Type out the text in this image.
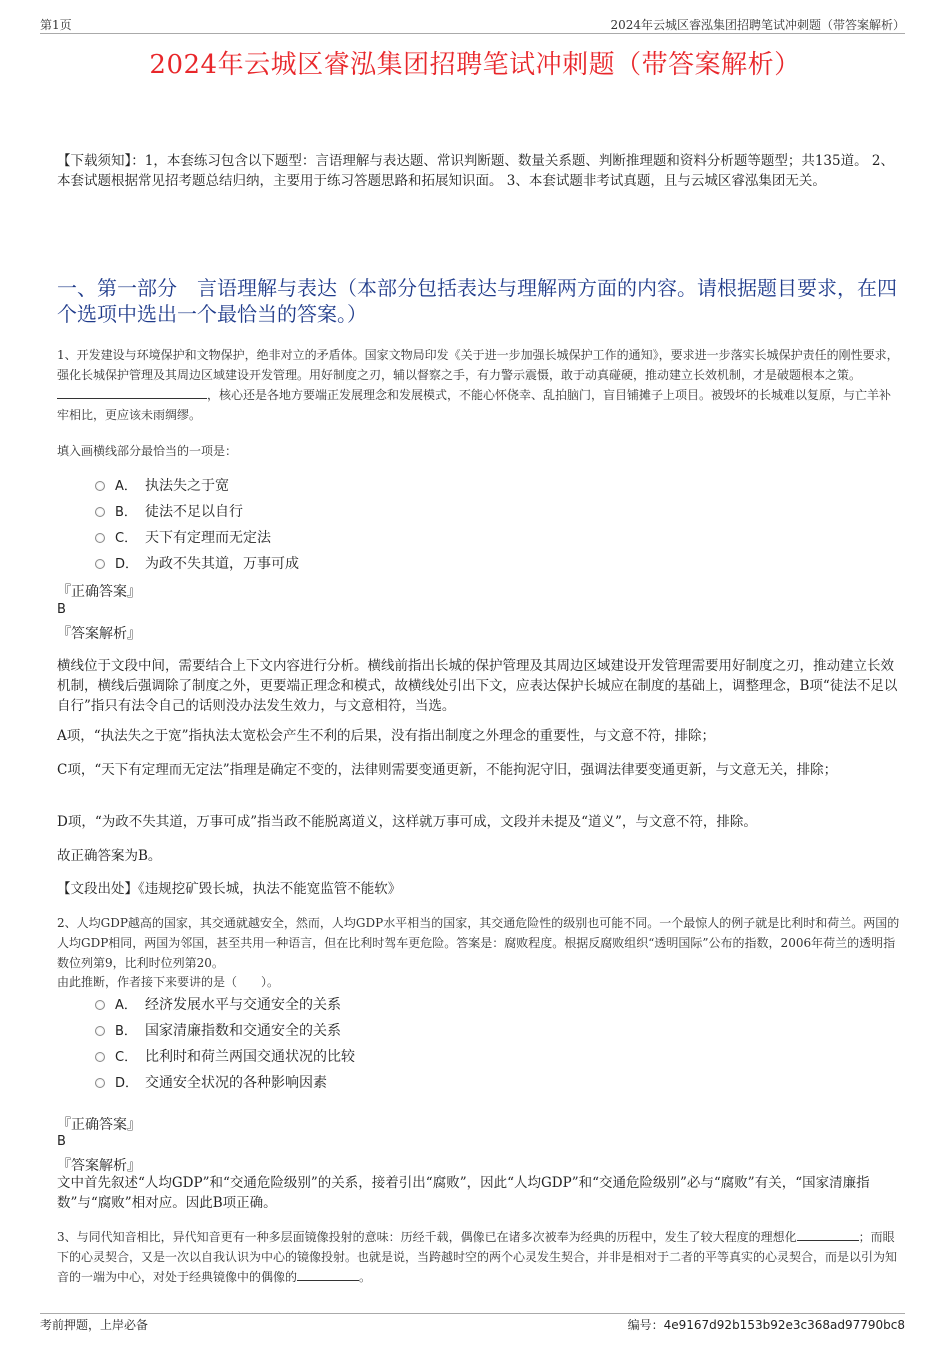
第1页	2024年云城区睿泓集团招聘笔试冲刺题（带答案解析）
2024年云城区睿泓集团招聘笔试冲刺题（带答案解析）
【下载须知】：1，本套练习包含以下题型：言语理解与表达题、常识判断题、数量关系题、判断推理题和资料分析题等题型；共135道。 2、本套试题根据常见招考题总结归纳，主要用于练习答题思路和拓展知识面。 3、本套试题非考试真题，且与云城区睿泓集团无关。
一、第一部分　言语理解与表达（本部分包括表达与理解两方面的内容。请根据题目要求，在四个选项中选出一个最恰当的答案。）
1、开发建设与环境保护和文物保护，绝非对立的矛盾体。国家文物局印发《关于进一步加强长城保护工作的通知》，要求进一步落实长城保护责任的刚性要求，强化长城保护管理及其周边区域建设开发管理。用好制度之刃，辅以督察之手，有力警示震慑，敢于动真碰硬，推动建立长效机制，才是破题根本之策。，核心还是各地方要端正发展理念和发展模式，不能心怀侥幸、乱拍脑门，盲目铺摊子上项目。被毁坏的长城难以复原，与亡羊补牢相比，更应该未雨绸缪。
填入画横线部分最恰当的一项是：
A． 执法失之于宽
B． 徒法不足以自行
C． 天下有定理而无定法
D． 为政不失其道，万事可成
『正确答案』
B
『答案解析』
横线位于文段中间，需要结合上下文内容进行分析。横线前指出长城的保护管理及其周边区域建设开发管理需要用好制度之刃，推动建立长效机制，横线后强调除了制度之外，更要端正理念和模式，故横线处引出下文，应表达保护长城应在制度的基础上，调整理念，B项“徒法不足以自行”指只有法令自己的话则没办法发生效力，与文意相符，当选。
A项，“执法失之于宽”指执法太宽松会产生不利的后果，没有指出制度之外理念的重要性，与文意不符，排除；
C项，“天下有定理而无定法”指理是确定不变的，法律则需要变通更新，不能拘泥守旧，强调法律要变通更新，与文意无关，排除；
D项，“为政不失其道，万事可成”指当政不能脱离道义，这样就万事可成，文段并未提及“道义”，与文意不符，排除。
故正确答案为B。
【文段出处】《违规挖矿毁长城，执法不能宽监管不能软》
2、人均GDP越高的国家，其交通就越安全，然而，人均GDP水平相当的国家，其交通危险性的级别也可能不同。一个最惊人的例子就是比利时和荷兰。两国的人均GDP相同，两国为邻国，甚至共用一种语言，但在比利时驾车更危险。答案是：腐败程度。根据反腐败组织“透明国际”公布的指数，2006年荷兰的透明指数位列第9，比利时位列第20。
由此推断，作者接下来要讲的是（　　）。
A． 经济发展水平与交通安全的关系
B． 国家清廉指数和交通安全的关系
C． 比利时和荷兰两国交通状况的比较
D． 交通安全状况的各种影响因素
『正确答案』
B
『答案解析』
文中首先叙述“人均GDP”和“交通危险级别”的关系，接着引出“腐败”，因此“人均GDP”和“交通危险级别”必与“腐败”有关，“国家清廉指数”与“腐败”相对应。因此B项正确。
3、与同代知音相比，异代知音更有一种多层面镜像投射的意味：历经千载，偶像已在诸多次被奉为经典的历程中，发生了较大程度的理想化	；而眼下的心灵契合，又是一次以自我认识为中心的镜像投射。也就是说，当跨越时空的两个心灵发生契合，并非是相对于二者的平等真实的心灵契合，而是以引为知音的一端为中心，对处于经典镜像中的偶像的	。
考前押题，上岸必备	编号：4e9167d92b153b92e3c368ad97790bc8
